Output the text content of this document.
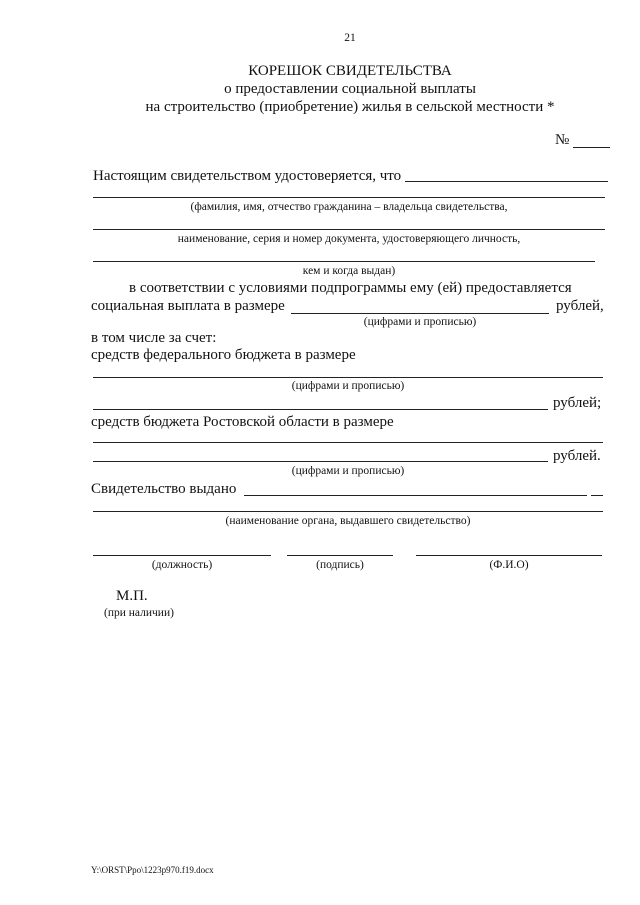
21
КОРЕШОК СВИДЕТЕЛЬСТВА
о предоставлении социальной выплаты
на строительство (приобретение) жилья в сельской местности *
№
Настоящим свидетельством удостоверяется, что
(фамилия, имя, отчество гражданина – владельца свидетельства,
наименование, серия и номер документа, удостоверяющего личность,
кем и когда выдан)
в соответствии с условиями подпрограммы ему (ей) предоставляется
социальная выплата в размере	рублей,
(цифрами и прописью)
в том числе за счет:
средств федерального бюджета в размере
(цифрами и прописью)
рублей;
средств бюджета Ростовской области в размере
рублей.
(цифрами и прописью)
Свидетельство выдано
(наименование органа, выдавшего свидетельство)
(должность)	(подпись)	(Ф.И.О)
М.П.
(при наличии)
Y:\ORST\Ppo\1223p970.f19.docx
